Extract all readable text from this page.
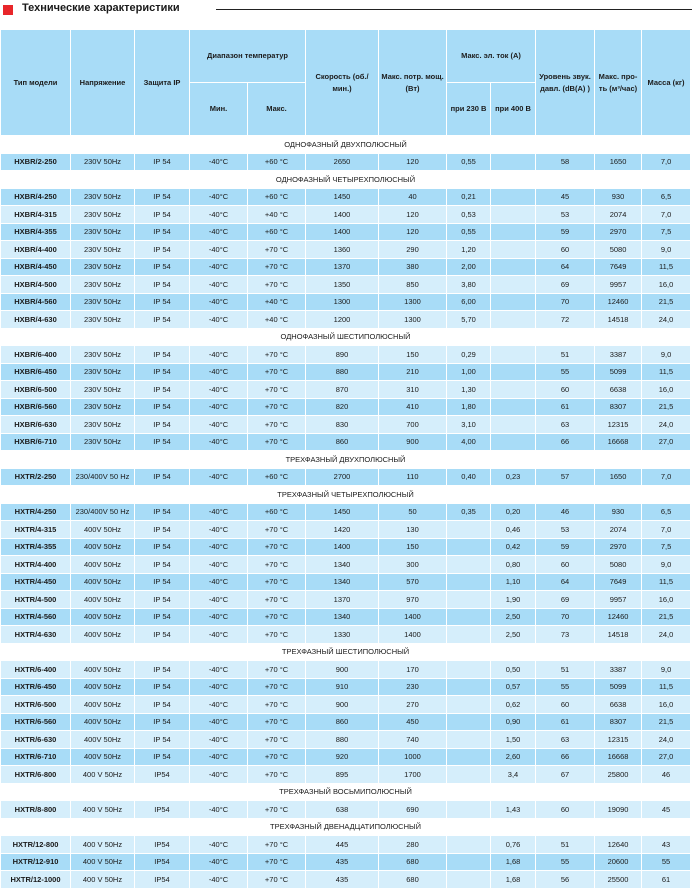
Технические характеристики
Тип модели	Напряжение	Защита IP	Диапазон температур		Скорость (об./мин.)	Макс. потр. мощ. (Вт)	Макс. эл. ток (А)		Уровень звук. давл. (dB(A) )	Макс. про-ть (м³/час)	Масса (кг)
			Мин.	Макс.			при 230 В	при 400 В			
ОДНОФАЗНЫЙ ДВУХПОЛЮСНЫЙ											
HXBR/2-250	230V 50Hz	IP 54	-40°C	+60 °C	2650	120	0,55		58	1650	7,0
ОДНОФАЗНЫЙ ЧЕТЫРЕХПОЛЮСНЫЙ											
HXBR/4-250	230V 50Hz	IP 54	-40°C	+60 °C	1450	40	0,21		45	930	6,5
HXBR/4-315	230V 50Hz	IP 54	-40°C	+40 °C	1400	120	0,53		53	2074	7,0
HXBR/4-355	230V 50Hz	IP 54	-40°C	+60 °C	1400	120	0,55		59	2970	7,5
HXBR/4-400	230V 50Hz	IP 54	-40°C	+70 °C	1360	290	1,20		60	5080	9,0
HXBR/4-450	230V 50Hz	IP 54	-40°C	+70 °C	1370	380	2,00		64	7649	11,5
HXBR/4-500	230V 50Hz	IP 54	-40°C	+70 °C	1350	850	3,80		69	9957	16,0
HXBR/4-560	230V 50Hz	IP 54	-40°C	+40 °C	1300	1300	6,00		70	12460	21,5
HXBR/4-630	230V 50Hz	IP 54	-40°C	+40 °C	1200	1300	5,70		72	14518	24,0
ОДНОФАЗНЫЙ ШЕСТИПОЛЮСНЫЙ											
HXBR/6-400	230V 50Hz	IP 54	-40°C	+70 °C	890	150	0,29		51	3387	9,0
HXBR/6-450	230V 50Hz	IP 54	-40°C	+70 °C	880	210	1,00		55	5099	11,5
HXBR/6-500	230V 50Hz	IP 54	-40°C	+70 °C	870	310	1,30		60	6638	16,0
HXBR/6-560	230V 50Hz	IP 54	-40°C	+70 °C	820	410	1,80		61	8307	21,5
HXBR/6-630	230V 50Hz	IP 54	-40°C	+70 °C	830	700	3,10		63	12315	24,0
HXBR/6-710	230V 50Hz	IP 54	-40°C	+70 °C	860	900	4,00		66	16668	27,0
ТРЕХФАЗНЫЙ ДВУХПОЛЮСНЫЙ											
HXTR/2-250	230/400V 50 Hz	IP 54	-40°C	+60 °C	2700	110	0,40	0,23	57	1650	7,0
ТРЕХФАЗНЫЙ ЧЕТЫРЕХПОЛЮСНЫЙ											
HXTR/4-250	230/400V 50 Hz	IP 54	-40°C	+60 °C	1450	50	0,35	0,20	46	930	6,5
HXTR/4-315	400V 50Hz	IP 54	-40°C	+70 °C	1420	130		0,46	53	2074	7,0
HXTR/4-355	400V 50Hz	IP 54	-40°C	+70 °C	1400	150		0,42	59	2970	7,5
HXTR/4-400	400V 50Hz	IP 54	-40°C	+70 °C	1340	300		0,80	60	5080	9,0
HXTR/4-450	400V 50Hz	IP 54	-40°C	+70 °C	1340	570		1,10	64	7649	11,5
HXTR/4-500	400V 50Hz	IP 54	-40°C	+70 °C	1370	970		1,90	69	9957	16,0
HXTR/4-560	400V 50Hz	IP 54	-40°C	+70 °C	1340	1400		2,50	70	12460	21,5
HXTR/4-630	400V 50Hz	IP 54	-40°C	+70 °C	1330	1400		2,50	73	14518	24,0
ТРЕХФАЗНЫЙ ШЕСТИПОЛЮСНЫЙ											
HXTR/6-400	400V 50Hz	IP 54	-40°C	+70 °C	900	170		0,50	51	3387	9,0
HXTR/6-450	400V 50Hz	IP 54	-40°C	+70 °C	910	230		0,57	55	5099	11,5
HXTR/6-500	400V 50Hz	IP 54	-40°C	+70 °C	900	270		0,62	60	6638	16,0
HXTR/6-560	400V 50Hz	IP 54	-40°C	+70 °C	860	450		0,90	61	8307	21,5
HXTR/6-630	400V 50Hz	IP 54	-40°C	+70 °C	880	740		1,50	63	12315	24,0
HXTR/6-710	400V 50Hz	IP 54	-40°C	+70 °C	920	1000		2,60	66	16668	27,0
HXTR/6-800	400 V 50Hz	IP54	-40°C	+70 °C	895	1700		3,4	67	25800	46
ТРЕХФАЗНЫЙ ВОСЬМИПОЛЮСНЫЙ											
HXTR/8-800	400 V 50Hz	IP54	-40°C	+70 °C	638	690		1,43	60	19090	45
ТРЕХФАЗНЫЙ ДВЕНАДЦАТИПОЛЮСНЫЙ											
HXTR/12-800	400 V 50Hz	IP54	-40°C	+70 °C	445	280		0,76	51	12640	43
HXTR/12-910	400 V 50Hz	IP54	-40°C	+70 °C	435	680		1,68	55	20600	55
HXTR/12-1000	400 V 50Hz	IP54	-40°C	+70 °C	435	680		1,68	56	25500	61
